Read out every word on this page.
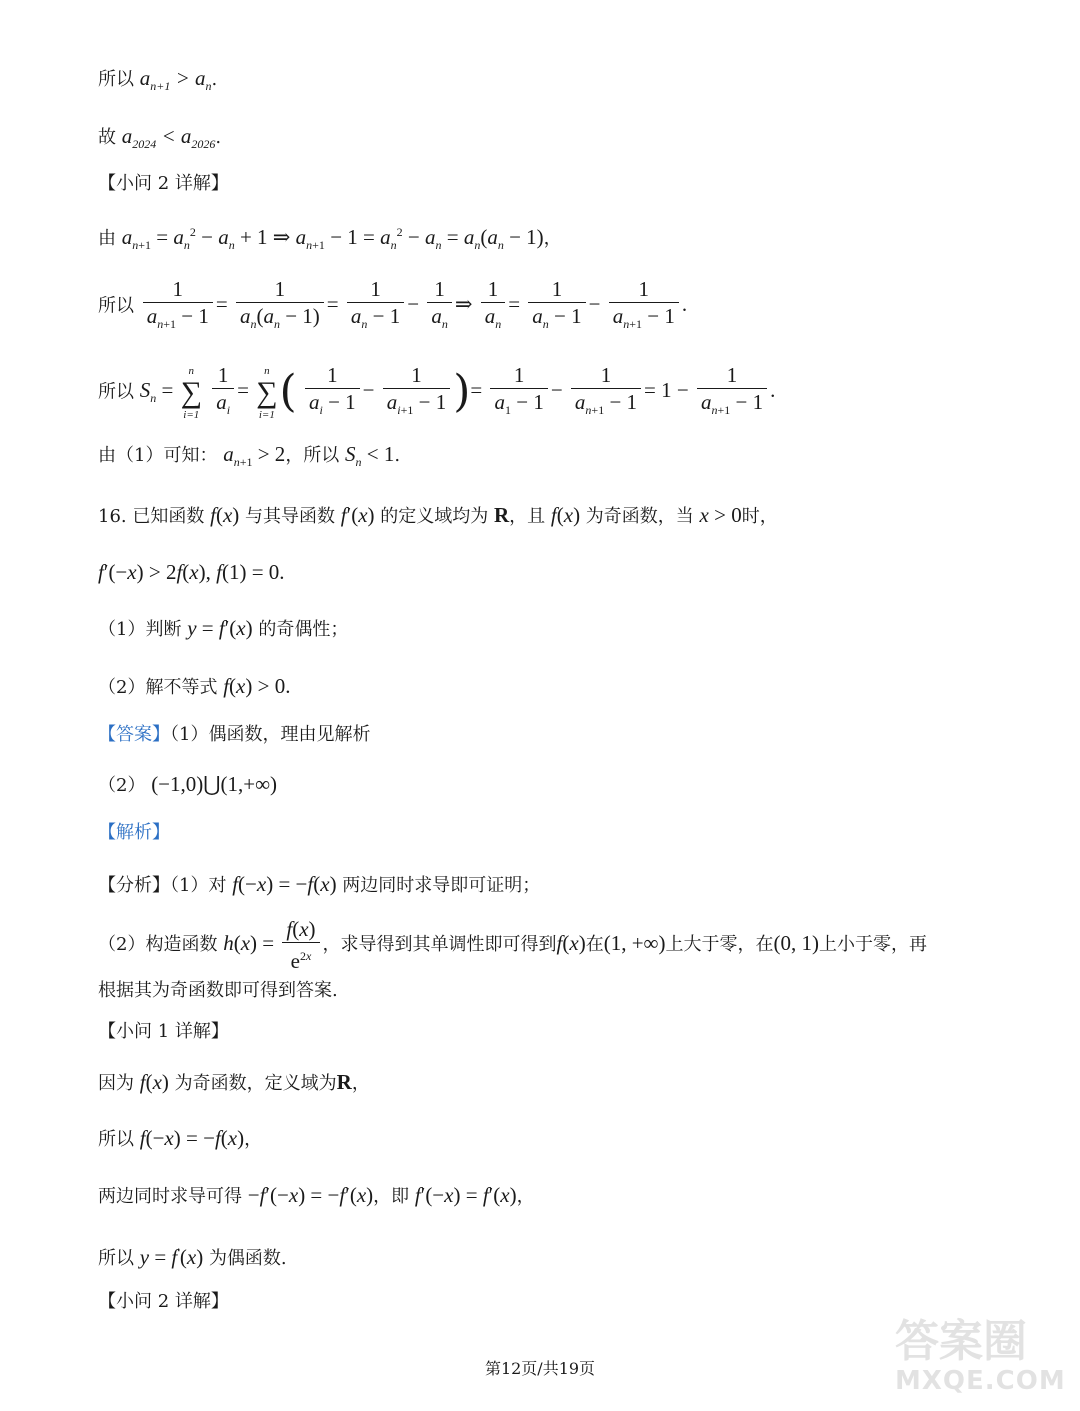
所以 $a_{n+1} > a_n$.
故 $a_{2024} < a_{2026}$.
【小问 2 详解】
由 $a_{n+1} = a_n^2 - a_n + 1$ ⇒ $a_{n+1} - 1 = a_n^2 - a_n = a_n(a_n - 1)$，
所以 $\frac{1}{a_{n+1} - 1} = \frac{1}{a_n(a_n - 1)} = \frac{1}{a_n - 1} - \frac{1}{a_n}$ ⇒ $\frac{1}{a_n} = \frac{1}{a_n - 1} - \frac{1}{a_{n+1} - 1}$ .
所以 $S_n$ =
n
∑
i=1
$\frac{1}{a_i}$ =
n
∑
i=1 ( $\frac{1}{a_i - 1} - \frac{1}{a_{i+1} - 1}$ )= $\frac{1}{a_1 - 1} - \frac{1}{a_{n+1} - 1} = 1 - \frac{1}{a_{n+1} - 1}$ .
由（1）可知： $a_{n+1} > 2$，所以 $S_n < 1$.
16. 已知函数 f(x) 与其导函数 f′(x) 的定义域均为 R，且 f(x) 为奇函数，当 x > 0时，
f′(−x) > 2f(x), f(1) = 0.
（1）判断 y = f′(x) 的奇偶性；
（2）解不等式 f(x) > 0.
【答案】（1）偶函数，理由见解析
（2） (−1,0)⋃(1,+∞)
【解析】
【分析】（1）对 f(−x) = −f(x) 两边同时求导即可证明；
（2）构造函数 $h(x) = \frac{f(x)}{e^{2x}}$ ，求导得到其单调性即可得到f(x)在(1, +∞)上大于零，在(0, 1)上小于零，再
根据其为奇函数即可得到答案.
【小问 1 详解】
因为 f(x) 为奇函数，定义域为R，
所以 f(−x) = −f(x)，
两边同时求导可得 −f′(−x) = −f′(x)，即 f′(−x) = f′(x)，
所以 y = f′(x) 为偶函数.
【小问 2 详解】
第12页/共19页
答案圈
MXQE.COM
